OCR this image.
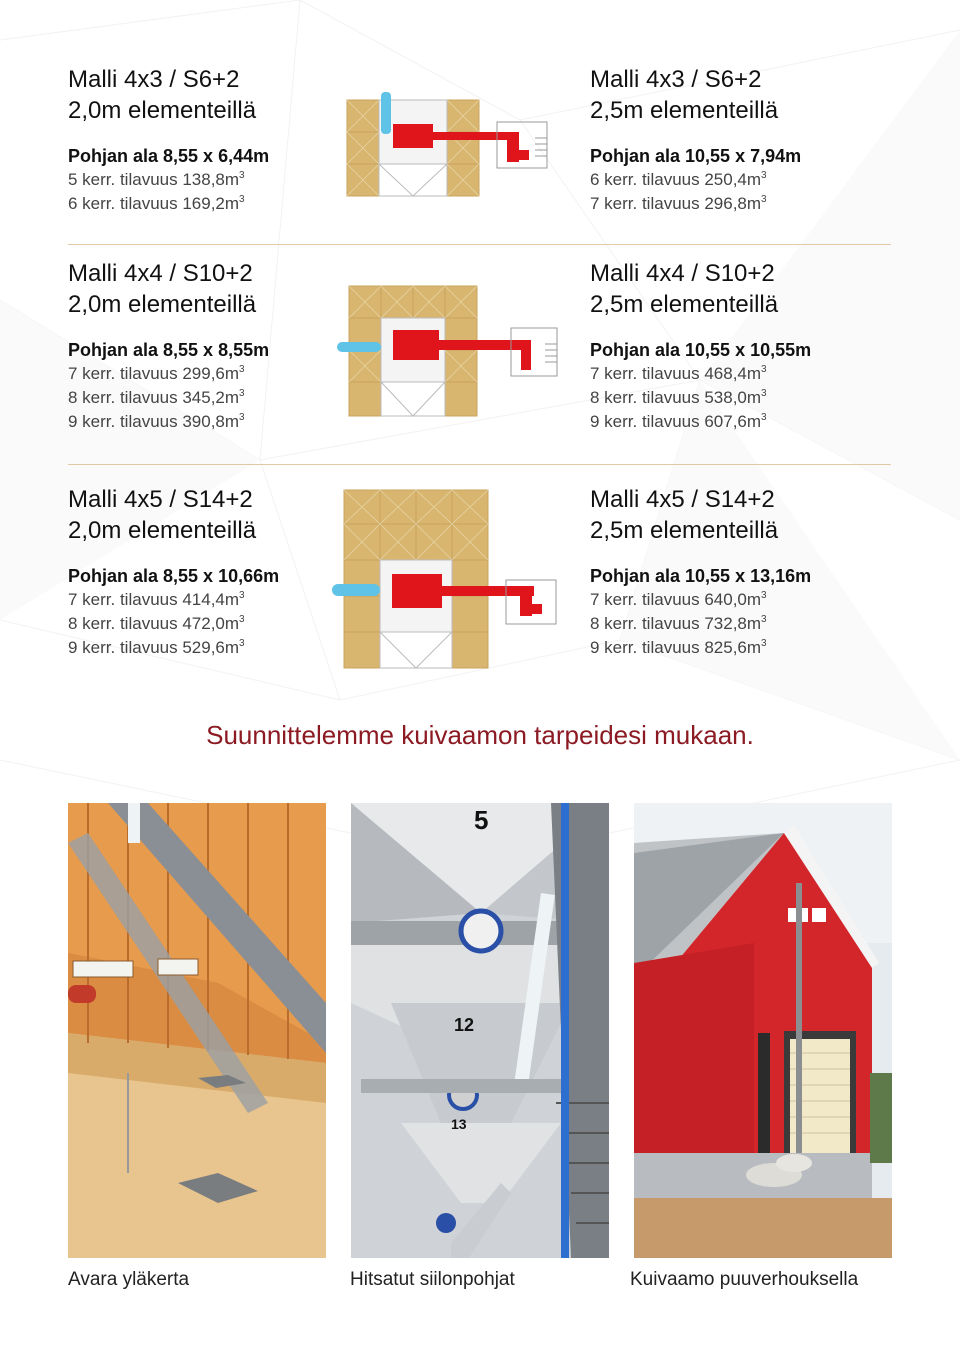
Malli 4x3 / S6+2
2,0m elementeillä
Pohjan ala 8,55 x 6,44m
5 kerr. tilavuus $138,8m^3$
6 kerr. tilavuus $169,2m^3$
Malli 4x3 / S6+2
2,5m elementeillä
Pohjan ala 10,55 x 7,94m
6 kerr. tilavuus $250,4m^3$
7 kerr. tilavuus $296,8m^3$
Malli 4x4 / S10+2
2,0m elementeillä
Pohjan ala 8,55 x 8,55m
7 kerr. tilavuus $299,6m^3$
8 kerr. tilavuus $345,2m^3$
9 kerr. tilavuus $390,8m^3$
Malli 4x4 / S10+2
2,5m elementeillä
Pohjan ala 10,55 x 10,55m
7 kerr. tilavuus $468,4m^3$
8 kerr. tilavuus $538,0m^3$
9 kerr. tilavuus $607,6m^3$
Malli 4x5 / S14+2
2,0m elementeillä
Pohjan ala 8,55 x 10,66m
7 kerr. tilavuus $414,4m^3$
8 kerr. tilavuus $472,0m^3$
9 kerr. tilavuus $529,6m^3$
Malli 4x5 / S14+2
2,5m elementeillä
Pohjan ala 10,55 x 13,16m
7 kerr. tilavuus $640,0m^3$
8 kerr. tilavuus $732,8m^3$
9 kerr. tilavuus $825,6m^3$
Suunnittelemme kuivaamon tarpeidesi mukaan.
5
12
13
Avara yläkerta	Hitsatut siilonpohjat	Kuivaamo puuverhouksella
